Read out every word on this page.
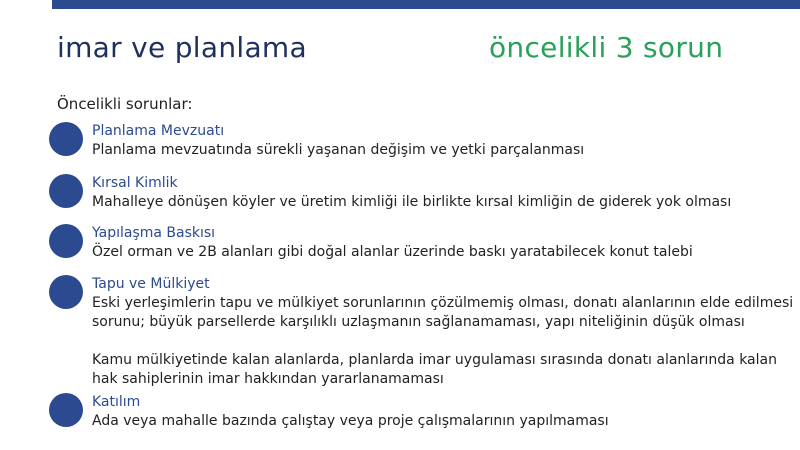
imar ve planlama	öncelikli 3 sorun
Öncelikli sorunlar:
Planlama Mevzuatı
Planlama mevzuatında sürekli yaşanan değişim ve yetki parçalanması
Kırsal Kimlik
Mahalleye dönüşen köyler ve üretim kimliği ile birlikte kırsal kimliğin de giderek yok olması
Yapılaşma Baskısı
Özel orman ve 2B alanları gibi doğal alanlar üzerinde baskı yaratabilecek konut talebi
Tapu ve Mülkiyet
Eski yerleşimlerin tapu ve mülkiyet sorunlarının çözülmemiş olması, donatı alanlarının elde edilmesi sorunu; büyük parsellerde karşılıklı uzlaşmanın sağlanamaması, yapı niteliğinin düşük olması
Kamu mülkiyetinde kalan alanlarda, planlarda imar uygulaması sırasında donatı alanlarında kalan hak sahiplerinin imar hakkından yararlanamaması
Katılım
Ada veya mahalle bazında çalıştay veya proje çalışmalarının yapılmaması
